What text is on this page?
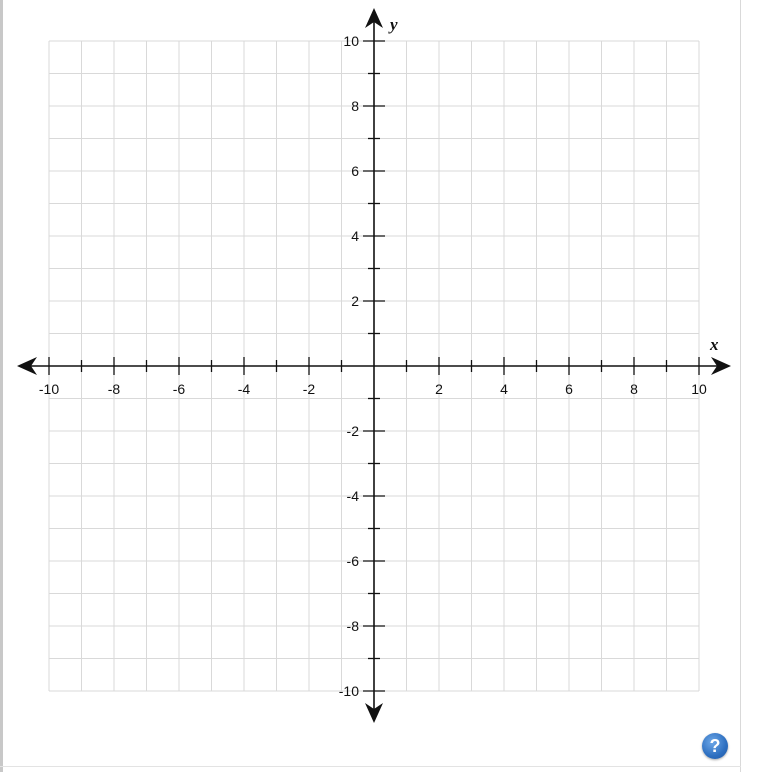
-10	-8	-6	-4	-2	2	4	6	8	10
10
8
6
4
2
-2
-4
-6
-8
-10
x
y
?
